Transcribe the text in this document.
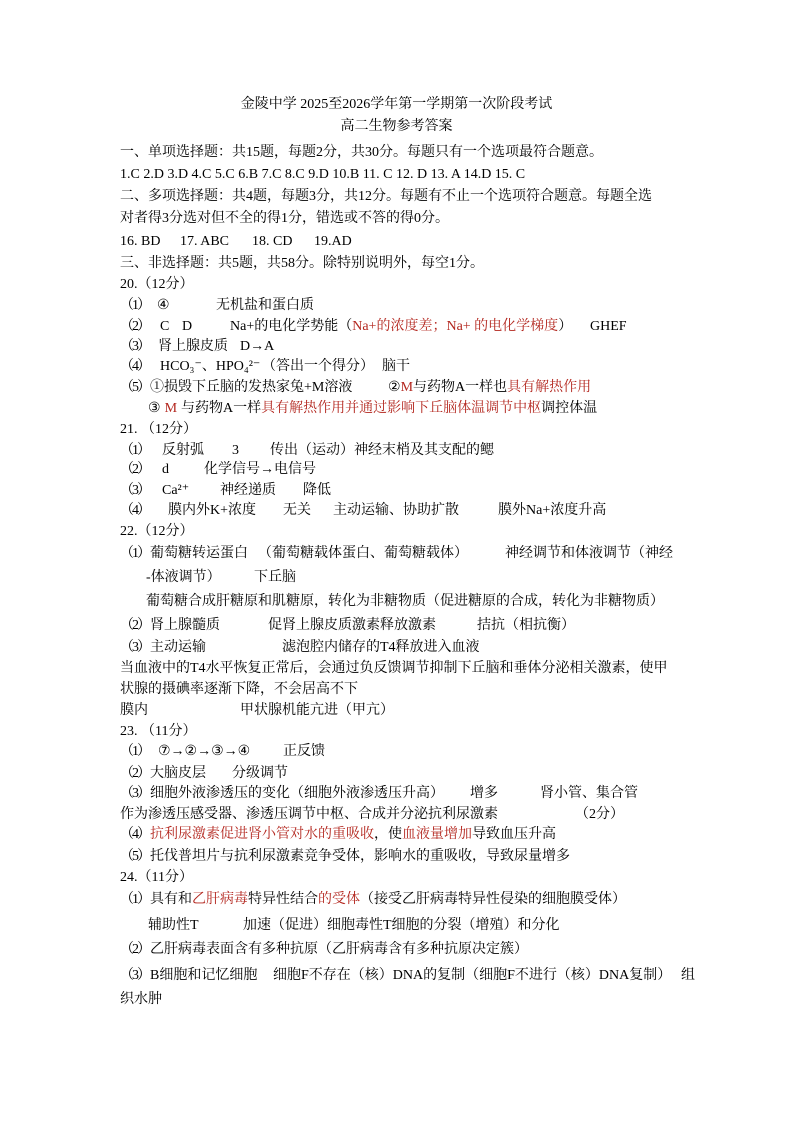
金陵中学 2025至2026学年第一学期第一次阶段考试
高二生物参考答案
一、单项选择题：共15题，每题2分，共30分。每题只有一个选项最符合题意。
1.C 2.D 3.D 4.C 5.C 6.B 7.C 8.C 9.D 10.B 11. C 12. D 13. A 14.D 15. C
二、多项选择题：共4题，每题3分，共12分。每题有不止一个选项符合题意。每题全选
对者得3分选对但不全的得1分，错选或不答的得0分。
16. BD 17. ABC 18. CD 19.AD
三、非选择题：共5题，共58分。除特别说明外，每空1分。
20.（12分）
（1） ④	无机盐和蛋白质
（2） C D	Na+的电化学势能（Na+的浓度差；Na+ 的电化学梯度） GHEF
（3） 肾上腺皮质 D→A
（4） HCO₃⁻、HPO₄²⁻ （答出一个得分） 脑干
（5） ①损毁下丘脑的发热家兔+M溶液	②M与药物A一样也具有解热作用
③ M 与药物A一样具有解热作用并通过影响下丘脑体温调节中枢调控体温
21. （12分）
（1） 反射弧 3 传出（运动）神经末梢及其支配的鳃
（2） d	化学信号→电信号
（3） Ca²⁺ 神经递质 降低
（4） 膜内外K+浓度 无关 主动运输、协助扩散	膜外Na+浓度升高
22.（12分）
（1） 葡萄糖转运蛋白 （葡萄糖载体蛋白、葡萄糖载体）	神经调节和体液调节（神经
-体液调节） 下丘脑
葡萄糖合成肝糖原和肌糖原，转化为非糖物质（促进糖原的合成，转化为非糖物质）
（2） 肾上腺髓质	促肾上腺皮质激素释放激素	拮抗（相抗衡）
（3） 主动运输	滤泡腔内储存的T4释放进入血液
当血液中的T4水平恢复正常后，会通过负反馈调节抑制下丘脑和垂体分泌相关激素，使甲
状腺的摄碘率逐渐下降，不会居高不下
膜内	甲状腺机能亢进（甲亢）
23. （11分）
（1） ⑦→②→③→④ 正反馈
（2） 大脑皮层 分级调节
（3） 细胞外液渗透压的变化（细胞外液渗透压升高） 增多	肾小管、集合管
作为渗透压感受器、渗透压调节中枢、合成并分泌抗利尿激素	（2分）
（4） 抗利尿激素促进肾小管对水的重吸收，使血液量增加导致血压升高
（5） 托伐普坦片与抗利尿激素竞争受体，影响水的重吸收，导致尿量增多
24.（11分）
（1） 具有和乙肝病毒特异性结合的受体（接受乙肝病毒特异性侵染的细胞膜受体）
辅助性T	加速（促进）细胞毒性T细胞的分裂（增殖）和分化
（2） 乙肝病毒表面含有多种抗原（乙肝病毒含有多种抗原决定簇）
（3） B细胞和记忆细胞 细胞F不存在（核）DNA的复制（细胞F不进行（核）DNA复制） 组
织水肿
